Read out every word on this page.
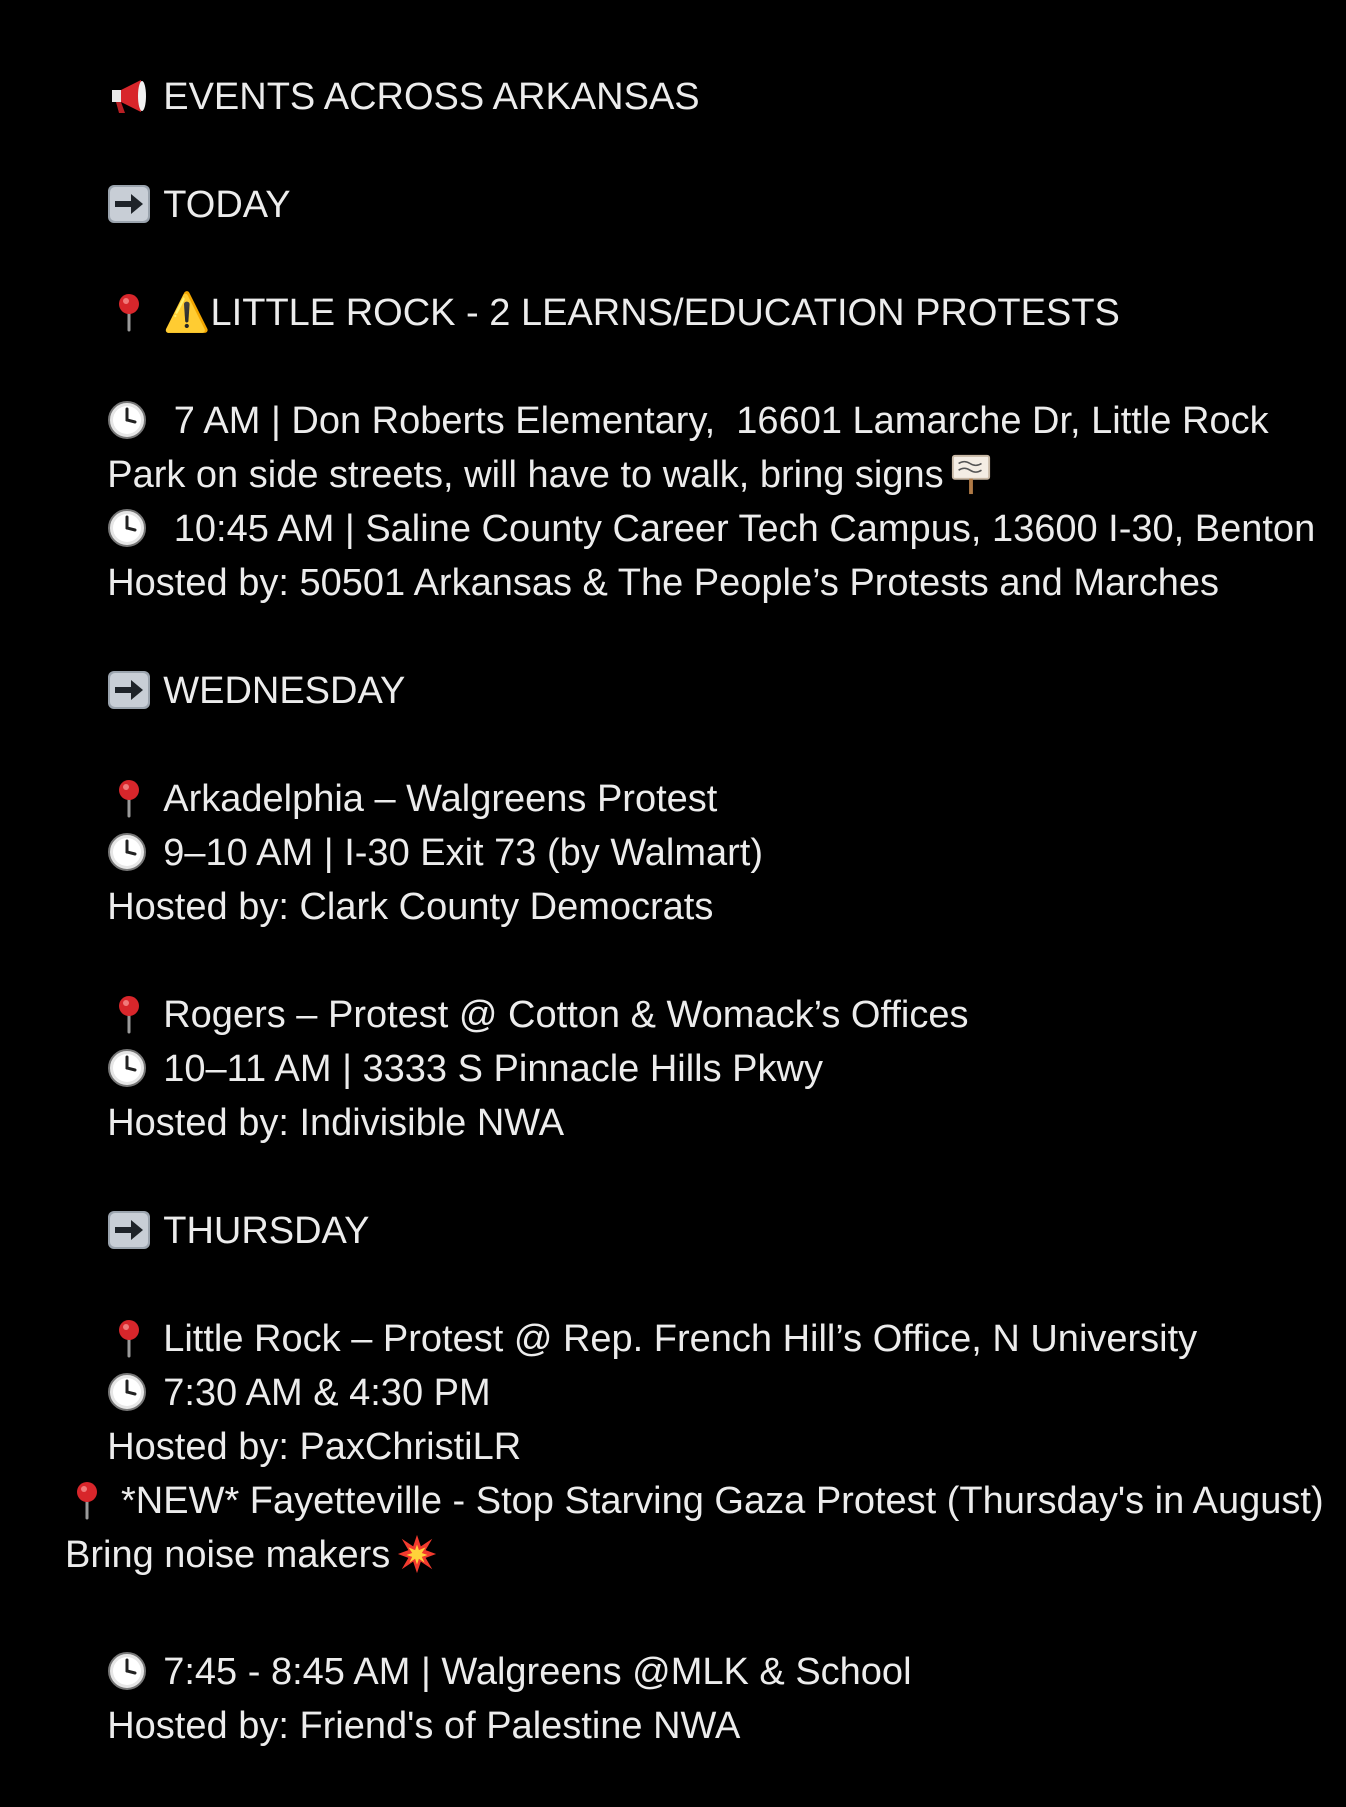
EVENTS ACROSS ARKANSAS

TODAY

⚠️LITTLE ROCK - 2 LEARNS/EDUCATION PROTESTS

7 AM | Don Roberts Elementary,  16601 Lamarche Dr, Little Rock

Park on side streets, will have to walk, bring signs

10:45 AM | Saline County Career Tech Campus, 13600 I-30, Benton

Hosted by: 50501 Arkansas & The People’s Protests and Marches

WEDNESDAY

Arkadelphia – Walgreens Protest

9–10 AM | I-30 Exit 73 (by Walmart)

Hosted by: Clark County Democrats

Rogers – Protest @ Cotton & Womack’s Offices

10–11 AM | 3333 S Pinnacle Hills Pkwy

Hosted by: Indivisible NWA

THURSDAY

Little Rock – Protest @ Rep. French Hill’s Office, N University

7:30 AM & 4:30 PM

Hosted by: PaxChristiLR

*NEW* Fayetteville - Stop Starving Gaza Protest (Thursday's in August) Bring noise makers

7:45 - 8:45 AM | Walgreens @MLK & School

Hosted by: Friend's of Palestine NWA
